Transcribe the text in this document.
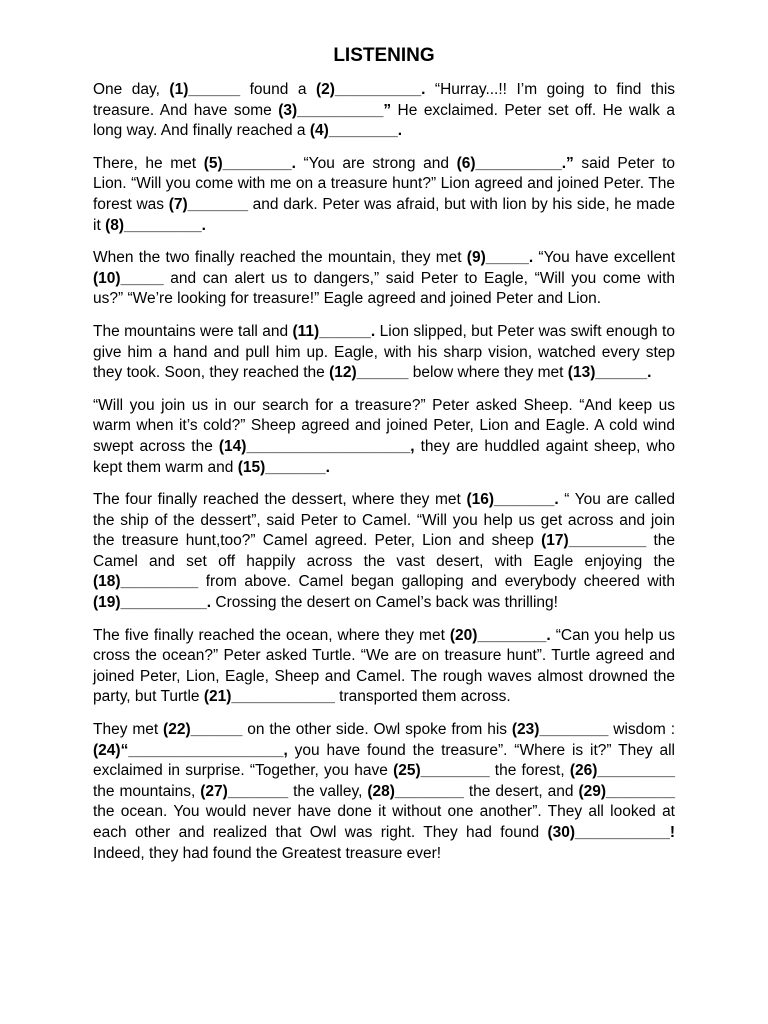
LISTENING

One day, (1)______ found a (2)__________. “Hurray...!! I’m going to find this treasure. And have some (3)__________” He exclaimed. Peter set off. He walk a long way. And finally reached a (4)________.

There, he met (5)________. “You are strong and (6)__________.” said Peter to Lion. “Will you come with me on a treasure hunt?” Lion agreed and joined Peter. The forest was (7)_______ and dark. Peter was afraid, but with lion by his side, he made it (8)_________.

When the two finally reached the mountain, they met (9)_____. “You have excellent (10)_____ and can alert us to dangers,” said Peter to Eagle, “Will you come with us?” “We’re looking for treasure!” Eagle agreed and joined Peter and Lion.

The mountains were tall and (11)______. Lion slipped, but Peter was swift enough to give him a hand and pull him up. Eagle, with his sharp vision, watched every step they took. Soon, they reached the (12)______ below where they met (13)______.

“Will you join us in our search for a treasure?” Peter asked Sheep. “And keep us warm when it’s cold?” Sheep agreed and joined Peter, Lion and Eagle. A cold wind swept across the (14)___________________, they are huddled againt sheep, who kept them warm and (15)_______.

The four finally reached the dessert, where they met (16)_______. “ You are called the ship of the dessert”, said Peter to Camel. “Will you help us get across and join the treasure hunt,too?” Camel agreed. Peter, Lion and sheep (17)_________ the Camel and set off happily across the vast desert, with Eagle enjoying the (18)_________ from above. Camel began galloping and everybody cheered with (19)__________. Crossing the desert on Camel’s back was thrilling!

The five finally reached the ocean, where they met (20)________. “Can you help us cross the ocean?” Peter asked Turtle. “We are on treasure hunt”. Turtle agreed and joined Peter, Lion, Eagle, Sheep and Camel. The rough waves almost drowned the party, but Turtle (21)____________ transported them across.

They met (22)______ on the other side. Owl spoke from his (23)________ wisdom : (24)“__________________, you have found the treasure”. “Where is it?” They all exclaimed in surprise. “Together, you have (25)________ the forest, (26)_________ the mountains, (27)_______ the valley, (28)________ the desert, and (29)________ the ocean. You would never have done it without one another”. They all looked at each other and realized that Owl was right. They had found (30)___________! Indeed, they had found the Greatest treasure ever!
